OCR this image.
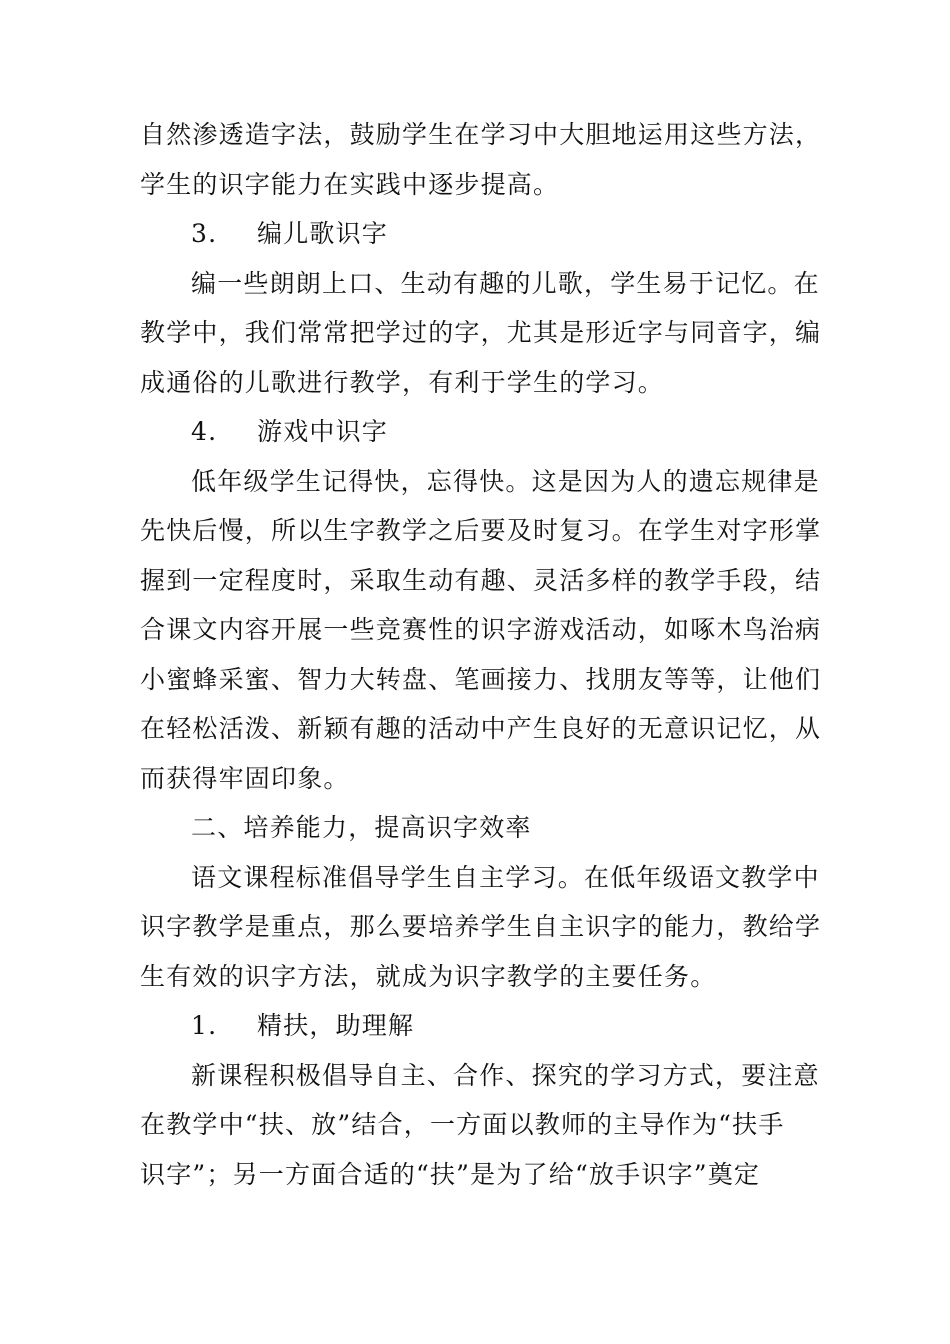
自然渗透造字法，鼓励学生在学习中大胆地运用这些方法，
学生的识字能力在实践中逐步提高。
3. 编儿歌识字
编一些朗朗上口、生动有趣的儿歌，学生易于记忆。在
教学中，我们常常把学过的字，尤其是形近字与同音字，编
成通俗的儿歌进行教学，有利于学生的学习。
4. 游戏中识字
低年级学生记得快，忘得快。这是因为人的遗忘规律是
先快后慢，所以生字教学之后要及时复习。在学生对字形掌
握到一定程度时，采取生动有趣、灵活多样的教学手段，结
合课文内容开展一些竞赛性的识字游戏活动，如啄木鸟治病
小蜜蜂采蜜、智力大转盘、笔画接力、找朋友等等，让他们
在轻松活泼、新颖有趣的活动中产生良好的无意识记忆，从
而获得牢固印象。
二、培养能力，提高识字效率
语文课程标准倡导学生自主学习。在低年级语文教学中
识字教学是重点，那么要培养学生自主识字的能力，教给学
生有效的识字方法，就成为识字教学的主要任务。
1. 精扶，助理解
新课程积极倡导自主、合作、探究的学习方式，要注意
在教学中“扶、放”结合，一方面以教师的主导作为“扶手
识字”；另一方面合适的“扶”是为了给“放手识字”奠定
